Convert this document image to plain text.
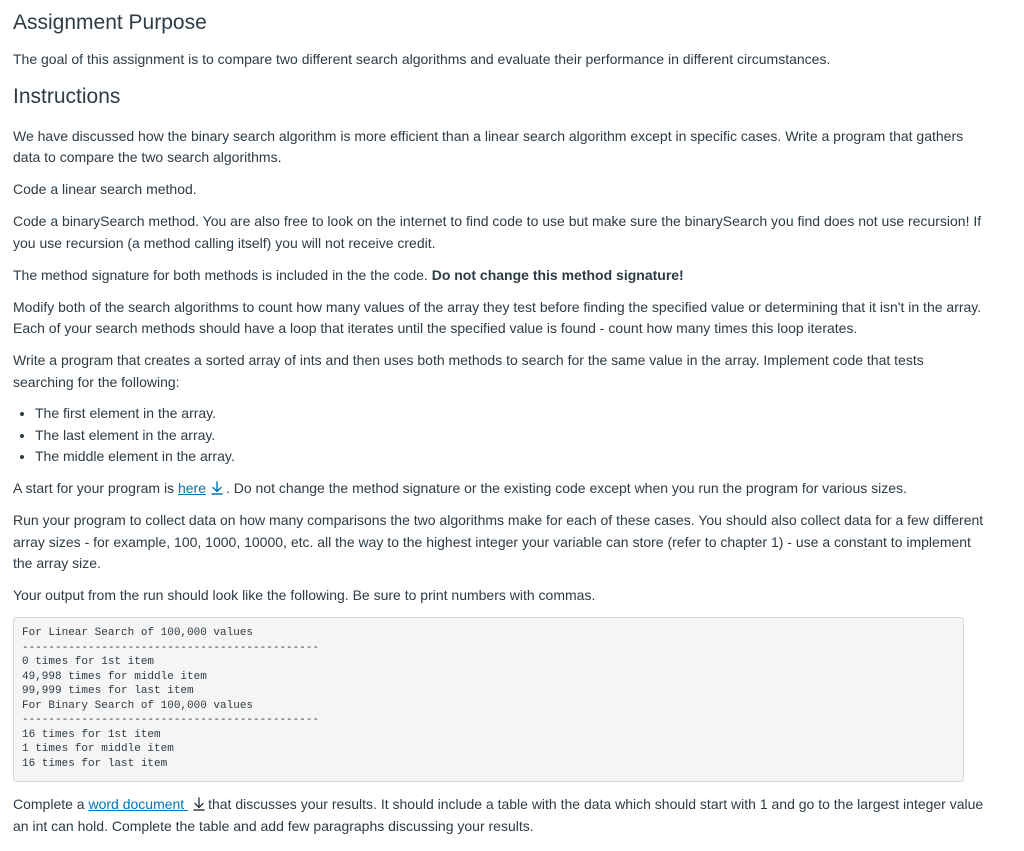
Assignment Purpose

The goal of this assignment is to compare two different search algorithms and evaluate their performance in different circumstances.

Instructions

We have discussed how the binary search algorithm is more efficient than a linear search algorithm except in specific cases. Write a program that gathers data to compare the two search algorithms.

Code a linear search method.

Code a binarySearch method. You are also free to look on the internet to find code to use but make sure the binarySearch you find does not use recursion! If you use recursion (a method calling itself) you will not receive credit.

The method signature for both methods is included in the the code. Do not change this method signature!

Modify both of the search algorithms to count how many values of the array they test before finding the specified value or determining that it isn't in the array. Each of your search methods should have a loop that iterates until the specified value is found - count how many times this loop iterates.

Write a program that creates a sorted array of ints and then uses both methods to search for the same value in the array. Implement code that tests searching for the following:

• The first element in the array.
• The last element in the array.
• The middle element in the array.

A start for your program is here . Do not change the method signature or the existing code except when you run the program for various sizes.

Run your program to collect data on how many comparisons the two algorithms make for each of these cases. You should also collect data for a few different array sizes - for example, 100, 1000, 10000, etc. all the way to the highest integer your variable can store (refer to chapter 1) - use a constant to implement the array size.

Your output from the run should look like the following. Be sure to print numbers with commas.

For Linear Search of 100,000 values
---------------------------------------------
0 times for 1st item
49,998 times for middle item
99,999 times for last item
For Binary Search of 100,000 values
---------------------------------------------
16 times for 1st item
1 times for middle item
16 times for last item

Complete a word document that discusses your results. It should include a table with the data which should start with 1 and go to the largest integer value an int can hold. Complete the table and add few paragraphs discussing your results.
